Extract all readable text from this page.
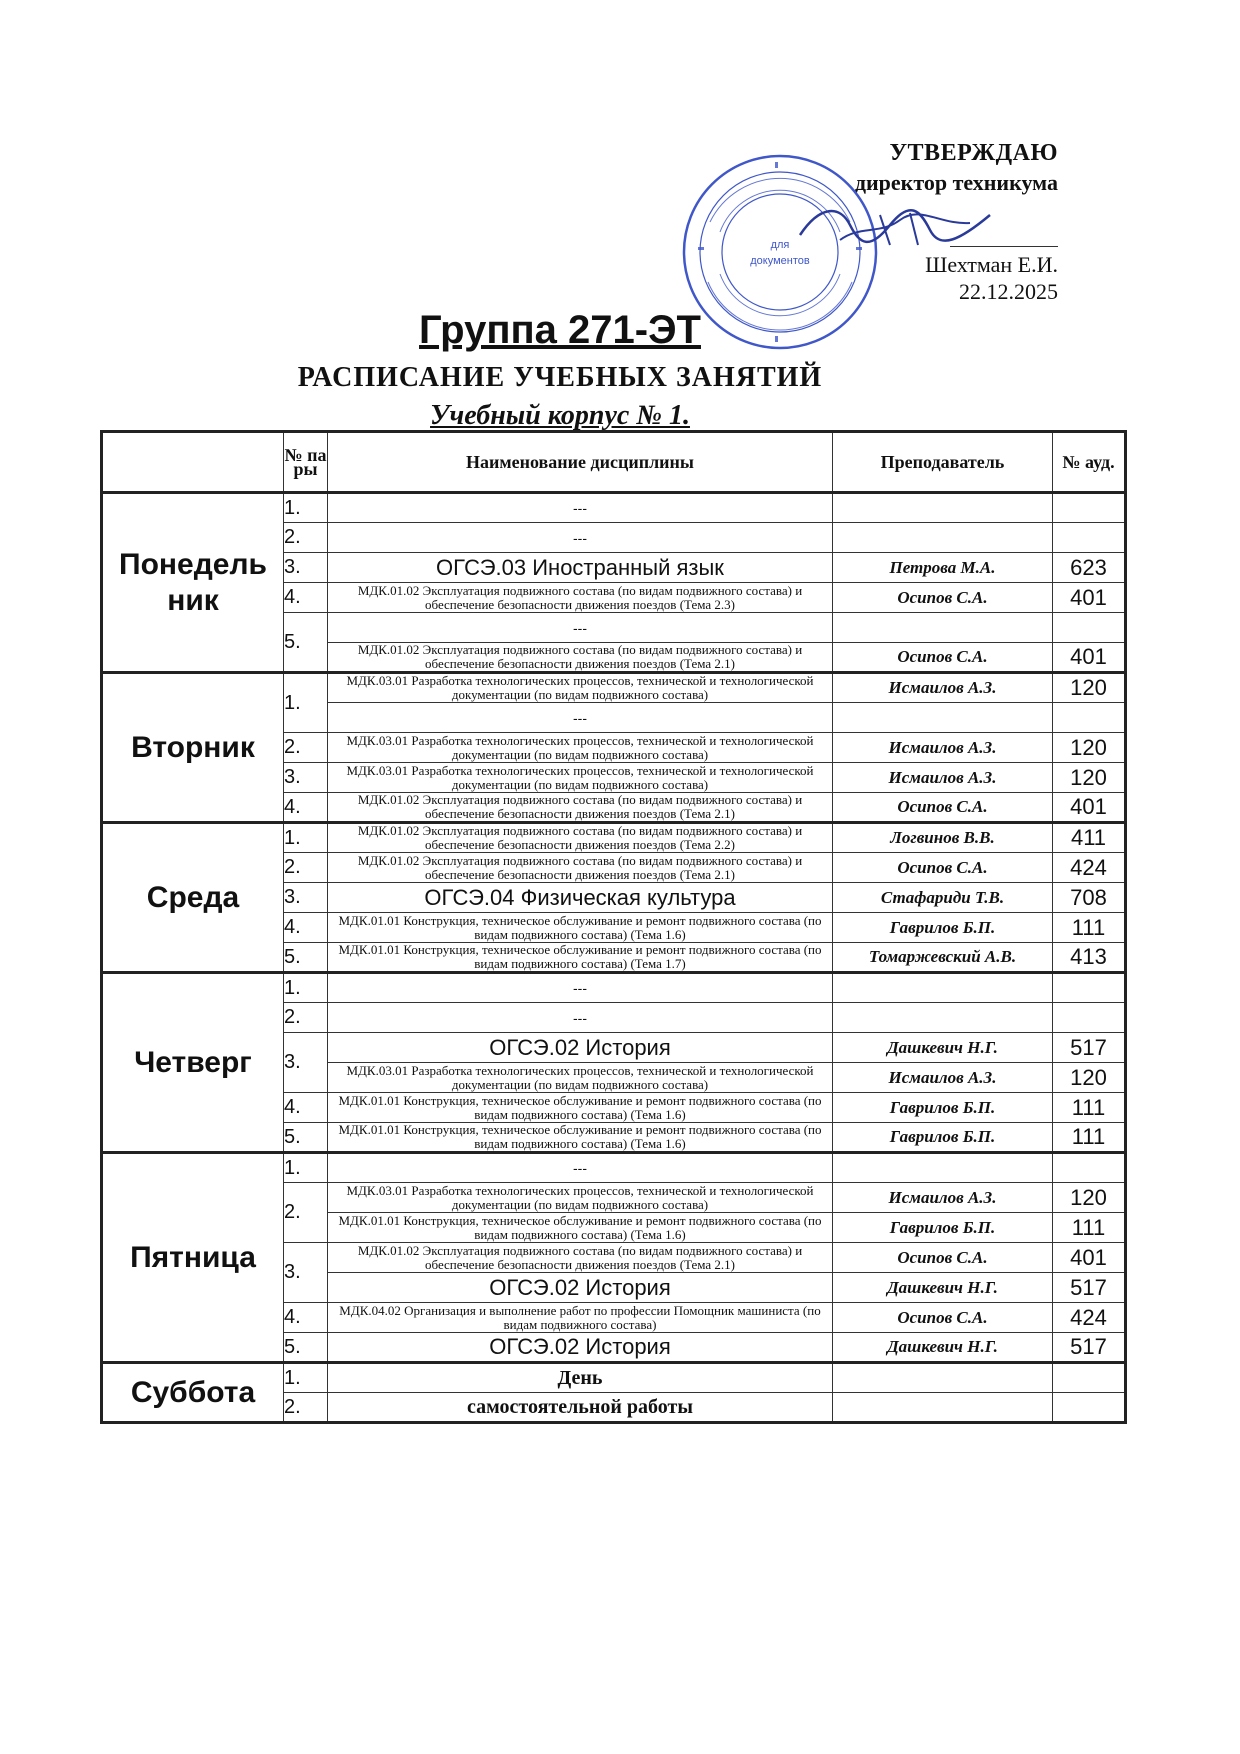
УТВЕРЖДАЮ
директор техникума
Шехтман Е.И.
22.12.2025
для
документов
Группа 271-ЭТ
РАСПИСАНИЕ УЧЕБНЫХ ЗАНЯТИЙ
Учебный корпус № 1.
	№ па ры	Наименование дисциплины	Преподаватель	№ ауд.
Понедель ник	1.	---		

	2.	---		

	3.	ОГСЭ.03 Иностранный язык	Петрова М.А.	623
	4.	МДК.01.02 Эксплуатация подвижного состава (по видам подвижного состава) и обеспечение безопасности движения поездов (Тема 2.3)	Осипов С.А.	401
	5.	---		

		МДК.01.02 Эксплуатация подвижного состава (по видам подвижного состава) и обеспечение безопасности движения поездов (Тема 2.1)	Осипов С.А.	401
Вторник	1.	МДК.03.01 Разработка технологических процессов, технической и технологической документации (по видам подвижного состава)	Исмаилов А.З.	120

		---		

	2.	МДК.03.01 Разработка технологических процессов, технической и технологической документации (по видам подвижного состава)	Исмаилов А.З.	120
	3.	МДК.03.01 Разработка технологических процессов, технической и технологической документации (по видам подвижного состава)	Исмаилов А.З.	120
	4.	МДК.01.02 Эксплуатация подвижного состава (по видам подвижного состава) и обеспечение безопасности движения поездов (Тема 2.1)	Осипов С.А.	401
Среда	1.	МДК.01.02 Эксплуатация подвижного состава (по видам подвижного состава) и обеспечение безопасности движения поездов (Тема 2.2)	Логвинов В.В.	411
	2.	МДК.01.02 Эксплуатация подвижного состава (по видам подвижного состава) и обеспечение безопасности движения поездов (Тема 2.1)	Осипов С.А.	424
	3.	ОГСЭ.04 Физическая культура	Стафариди Т.В.	708
	4.	МДК.01.01 Конструкция, техническое обслуживание и ремонт подвижного состава (по видам подвижного состава) (Тема 1.6)	Гаврилов Б.П.	111
	5.	МДК.01.01 Конструкция, техническое обслуживание и ремонт подвижного состава (по видам подвижного состава) (Тема 1.7)	Томаржевский А.В.	413
Четверг	1.	---		

	2.	---		

	3.	ОГСЭ.02 История	Дашкевич Н.Г.	517

		МДК.03.01 Разработка технологических процессов, технической и технологической документации (по видам подвижного состава)	Исмаилов А.З.	120
	4.	МДК.01.01 Конструкция, техническое обслуживание и ремонт подвижного состава (по видам подвижного состава) (Тема 1.6)	Гаврилов Б.П.	111
	5.	МДК.01.01 Конструкция, техническое обслуживание и ремонт подвижного состава (по видам подвижного состава) (Тема 1.6)	Гаврилов Б.П.	111
Пятница	1.	---		

	2.	МДК.03.01 Разработка технологических процессов, технической и технологической документации (по видам подвижного состава)	Исмаилов А.З.	120

		МДК.01.01 Конструкция, техническое обслуживание и ремонт подвижного состава (по видам подвижного состава) (Тема 1.6)	Гаврилов Б.П.	111
	3.	МДК.01.02 Эксплуатация подвижного состава (по видам подвижного состава) и обеспечение безопасности движения поездов (Тема 2.1)	Осипов С.А.	401

		ОГСЭ.02 История	Дашкевич Н.Г.	517
	4.	МДК.04.02 Организация и выполнение работ по профессии Помощник машиниста (по видам подвижного состава)	Осипов С.А.	424
	5.	ОГСЭ.02 История	Дашкевич Н.Г.	517
Суббота	1.	День		
	2.	самостоятельной работы		
